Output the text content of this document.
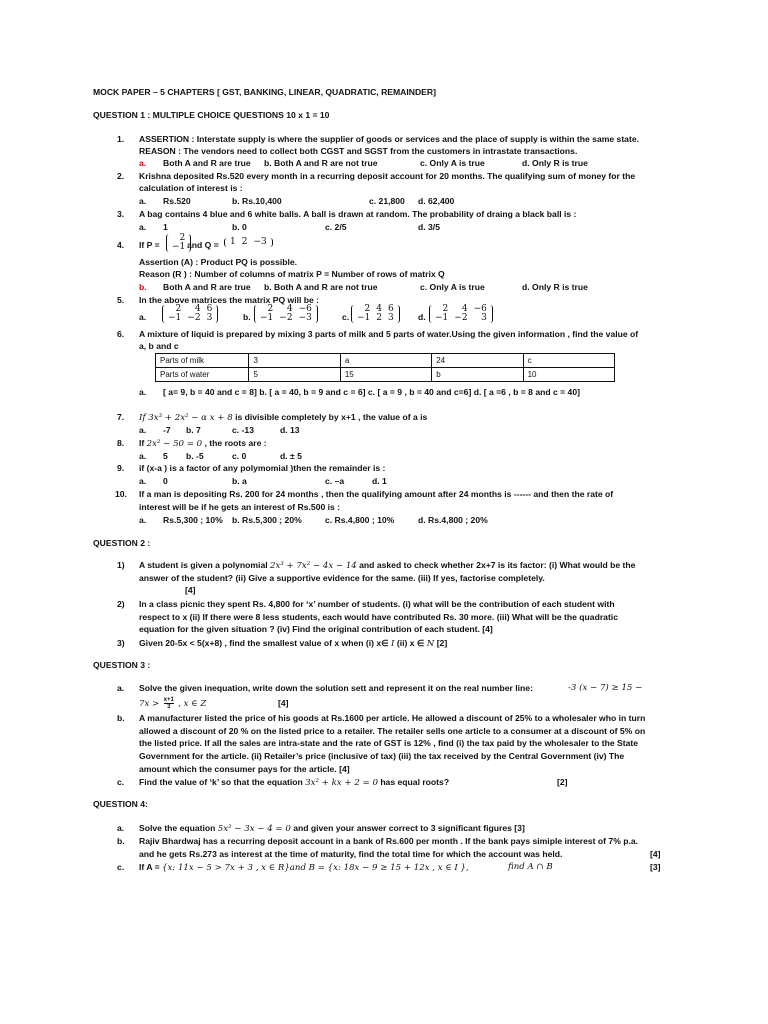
MOCK PAPER – 5 CHAPTERS [ GST, BANKING, LINEAR, QUADRATIC, REMAINDER]
QUESTION 1 : MULTIPLE CHOICE QUESTIONS 10 x 1 = 10
1. ASSERTION : Interstate supply is where the supplier of goods or services and the place of supply is within the same state.
REASON : The vendors need to collect both CGST and SGST from the customers in intrastate transactions.
a. Both A and R are true b. Both A and R are not true	c. Only A is true	d. Only R is true
2. Krishna deposited Rs.520 every month in a recurring deposit account for 20 months. The qualifying sum of money for the
calculation of interest is :
a. Rs.520	b. Rs.10,400	c. 21,800 d. 62,400
3. A bag contains 4 blue and 6 white balls. A ball is drawn at random. The probability of draing a black ball is :
a. 1	b. 0	c. 2/5	d. 3/5
4. If P =
2
−1 and Q = 1	2	−3
Assertion (A) : Product PQ is possible.
Reason (R ) : Number of columns of matrix P = Number of rows of matrix Q
b. Both A and R are true b. Both A and R are not true	c. Only A is true	d. Only R is true
5. In the above matrices the matrix PQ will be :
a.
2	4	6
−1	−2	3	b.
2	4	−6
−1	−2	−3	c.
2	4	6
−1	2	3	d.
2	4	−6
−1	−2	3
6. A mixture of liquid is prepared by mixing 3 parts of milk and 5 parts of water.Using the given information , find the value of
a, b and c
Parts of milk	3	a	24	c
Parts of water	5	15	b	10
a. [ a= 9, b = 40 and c = 8] b. [ a = 40, b = 9 and c = 6] c. [ a = 9 , b = 40 and c=6] d. [ a =6 , b = 8 and c = 40]
7. If 3x³ + 2x² − α x + 8 is divisible completely by x+1 , the value of a is
a. -7 b. 7	c. -13	d. 13
8. If 2x² − 50 = 0 , the roots are :
a. 5 b. -5	c. 0	d. ± 5
9. if (x-a ) is a factor of any polymomial )then the remainder is :
a. 0	b. a	c. –a	d. 1
10. If a man is depositing Rs. 200 for 24 months , then the qualifying amount after 24 months is ------ and then the rate of
interest will be if he gets an interest of Rs.500 is :
a. Rs.5,300 ; 10% b. Rs.5,300 ; 20%	c. Rs.4,800 ; 10%	d. Rs.4,800 ; 20%
QUESTION 2 :
1) A student is given a polynomial 2x³ + 7x² − 4x − 14 and asked to check whether 2x+7 is its factor: (i) What would be the
answer of the student? (ii) Give a supportive evidence for the same. (iii) If yes, factorise completely.
[4]
2) In a class picnic they spent Rs. 4,800 for ‘x’ number of students. (i) what will be the contribution of each student with
respect to x (ii) If there were 8 less students, each would have contributed Rs. 30 more. (iii) What will be the quadratic
equation for the given situation ? (iv) Find the original contribution of each student. [4]
3) Given 20-5x < 5(x+8) , find the smallest value of x when (i) x∈ I (ii) x ∈ N [2]
QUESTION 3 :
a. Solve the given inequation, write down the solution sett and represent it on the real number line:	-3 (x − 7) ≥ 15 −
$7x > \frac{x+1}{3}$ , x ∈ Z	[4]
b. A manufacturer listed the price of his goods at Rs.1600 per article. He allowed a discount of 25% to a wholesaler who in turn
allowed a discount of 20 % on the listed price to a retailer. The retailer sells one article to a consumer at a discount of 5% on
the listed price. If all the sales are intra-state and the rate of GST is 12% , find (i) the tax paid by the wholesaler to the State
Government for the article. (ii) Retailer’s price (inclusive of tax) (iii) the tax received by the Central Government (iv) The
amount which the consumer pays for the article. [4]
c. Find the value of ‘k’ so that the equation 3x² + kx + 2 = 0 has equal roots?	[2]
QUESTION 4:
a. Solve the equation 5x² − 3x − 4 = 0 and given your answer correct to 3 significant figures [3]
b. Rajiv Bhardwaj has a recurring deposit account in a bank of Rs.600 per month . If the bank pays simiple interest of 7% p.a.
and he gets Rs.273 as interest at the time of maturity, find the total time for which the account was held.	[4]
c. If A = {x: 11x − 5 > 7x + 3 , x ∈ R}and B = {x: 18x − 9 ≥ 15 + 12x , x ∈ I },	find A ∩ B	[3]
